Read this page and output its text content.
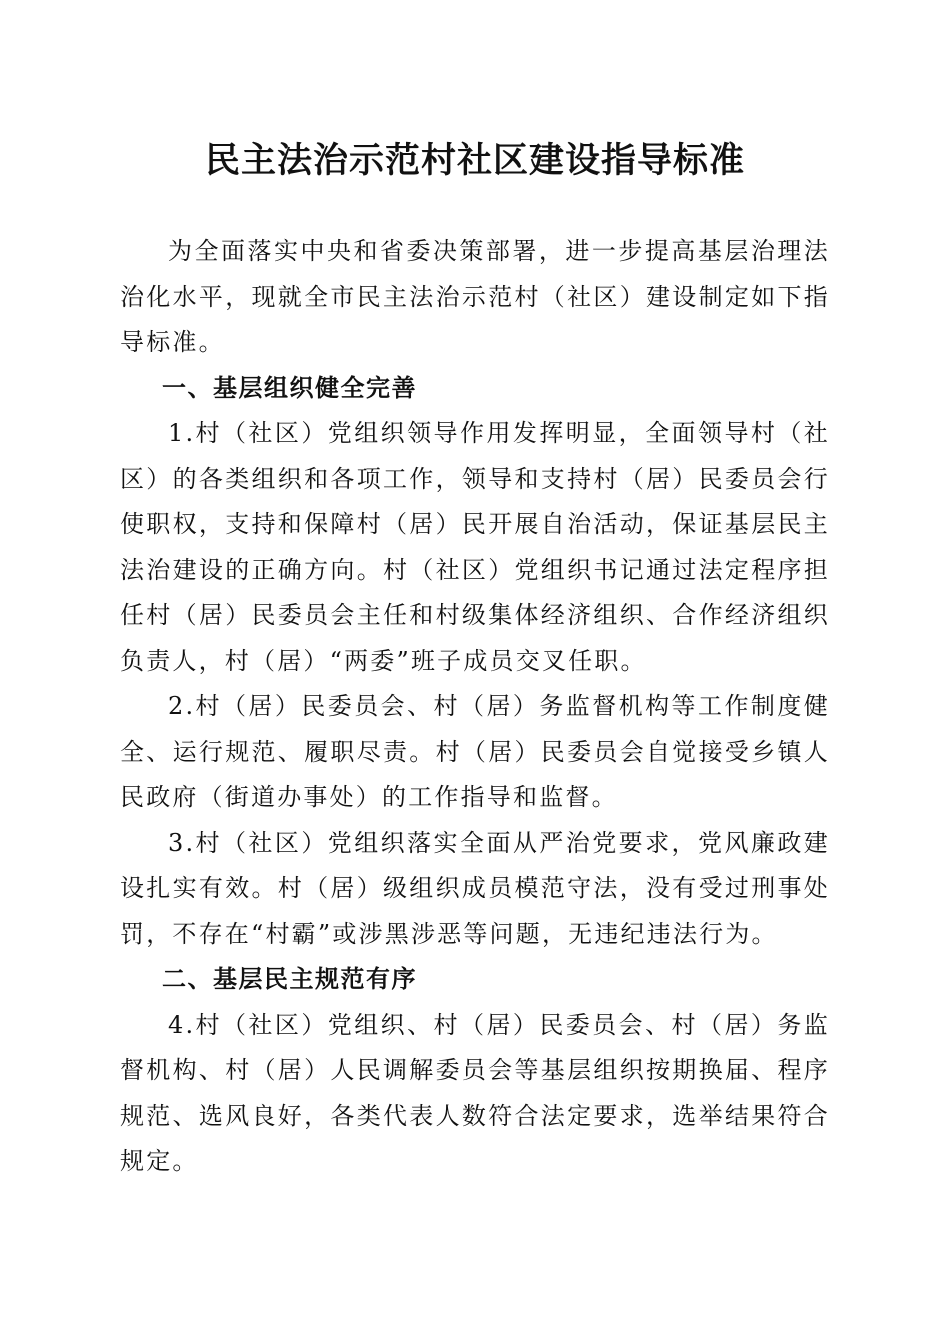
民主法治示范村社区建设指导标准

为全面落实中央和省委决策部署，进一步提高基层治理法治化水平，现就全市民主法治示范村（社区）建设制定如下指导标准。

一、基层组织健全完善

1.村（社区）党组织领导作用发挥明显，全面领导村（社区）的各类组织和各项工作，领导和支持村（居）民委员会行使职权，支持和保障村（居）民开展自治活动，保证基层民主法治建设的正确方向。村（社区）党组织书记通过法定程序担任村（居）民委员会主任和村级集体经济组织、合作经济组织负责人，村（居）“两委”班子成员交叉任职。

2.村（居）民委员会、村（居）务监督机构等工作制度健全、运行规范、履职尽责。村（居）民委员会自觉接受乡镇人民政府（街道办事处）的工作指导和监督。

3.村（社区）党组织落实全面从严治党要求，党风廉政建设扎实有效。村（居）级组织成员模范守法，没有受过刑事处罚，不存在“村霸”或涉黑涉恶等问题，无违纪违法行为。

二、基层民主规范有序

4.村（社区）党组织、村（居）民委员会、村（居）务监督机构、村（居）人民调解委员会等基层组织按期换届、程序规范、选风良好，各类代表人数符合法定要求，选举结果符合规定。
